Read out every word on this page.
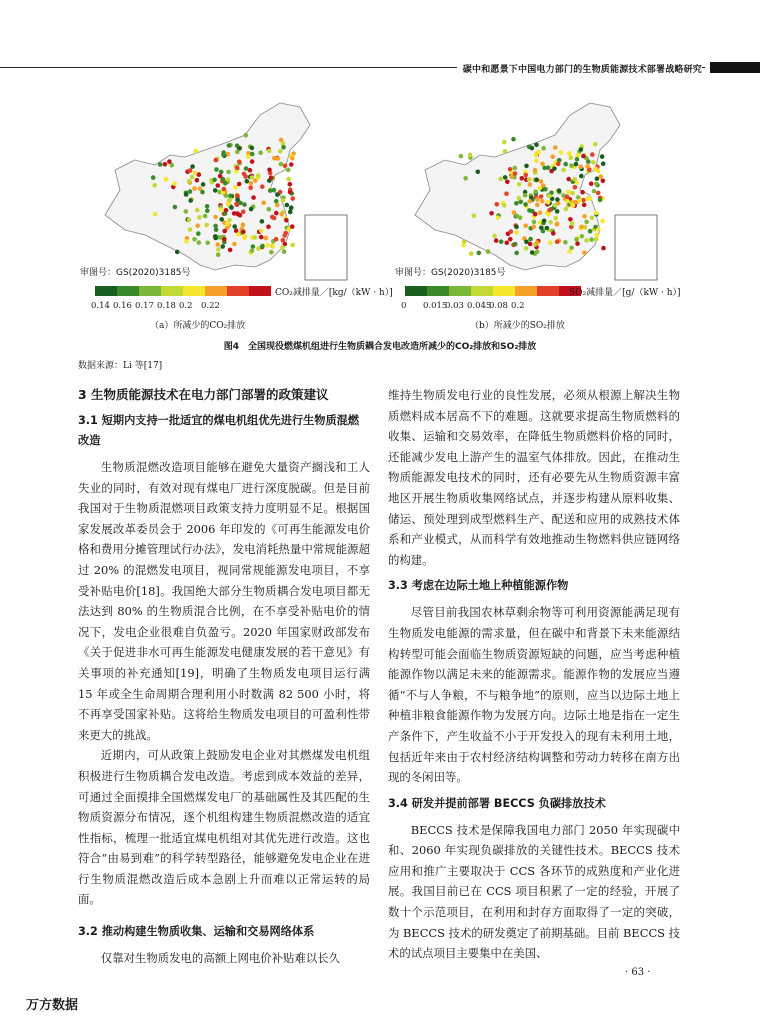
碳中和愿景下中国电力部门的生物质能源技术部署战略研究
审图号：GS(2020)3185号	审图号：GS(2020)3185号
CO₂减排量／[kg/（kW · h）]
0.14 0.16 0.17 0.18 0.2 0.22
SO₂减排量／[g/（kW · h）]
0 0.015
0.03 0.045
0.08 0.2
（a）所减少的CO₂排放	（b）所减少的SO₂排放
图4　全国现役燃煤机组进行生物质耦合发电改造所减少的CO₂排放和SO₂排放
数据来源：Li 等[17]
3 生物质能源技术在电力部门部署的政策建议
3.1 短期内支持一批适宜的煤电机组优先进行生物质混燃改造

生物质混燃改造项目能够在避免大量资产搁浅和工人失业的同时，有效对现有煤电厂进行深度脱碳。但是目前我国对于生物质混燃项目政策支持力度明显不足。根据国家发展改革委员会于 2006 年印发的《可再生能源发电价格和费用分摊管理试行办法》，发电消耗热量中常规能源超过 20% 的混燃发电项目，视同常规能源发电项目，不享受补贴电价[18]。我国绝大部分生物质耦合发电项目都无法达到 80% 的生物质混合比例，在不享受补贴电价的情况下，发电企业很难自负盈亏。2020 年国家财政部发布《关于促进非水可再生能源发电健康发展的若干意见》有关事项的补充通知[19]，明确了生物质发电项目运行满 15 年或全生命周期合理利用小时数满 82 500 小时，将不再享受国家补贴。这将给生物质发电项目的可盈利性带来更大的挑战。

近期内，可从政策上鼓励发电企业对其燃煤发电机组积极进行生物质耦合发电改造。考虑到成本效益的差异，可通过全面摸排全国燃煤发电厂的基础属性及其匹配的生物质资源分布情况，逐个机组构建生物质混燃改造的适宜性指标，梳理一批适宜煤电机组对其优先进行改造。这也符合“由易到难”的科学转型路径，能够避免发电企业在进行生物质混燃改造后成本急剧上升而难以正常运转的局面。

3.2 推动构建生物质收集、运输和交易网络体系

仅靠对生物质发电的高额上网电价补贴难以长久

维持生物质发电行业的良性发展，必须从根源上解决生物质燃料成本居高不下的难题。这就要求提高生物质燃料的收集、运输和交易效率，在降低生物质燃料价格的同时，还能减少发电上游产生的温室气体排放。因此，在推动生物质能源发电技术的同时，还有必要先从生物质资源丰富地区开展生物质收集网络试点，并逐步构建从原料收集、储运、预处理到成型燃料生产、配送和应用的成熟技术体系和产业模式，从而科学有效地推动生物燃料供应链网络的构建。

3.3 考虑在边际土地上种植能源作物

尽管目前我国农林草剩余物等可利用资源能满足现有生物质发电能源的需求量，但在碳中和背景下未来能源结构转型可能会面临生物质资源短缺的问题，应当考虑种植能源作物以满足未来的能源需求。能源作物的发展应当遵循“不与人争粮，不与粮争地”的原则，应当以边际土地上种植非粮食能源作物为发展方向。边际土地是指在一定生产条件下，产生收益不小于开发投入的现有未利用土地，包括近年来由于农村经济结构调整和劳动力转移在南方出现的冬闲田等。

3.4 研发并提前部署 BECCS 负碳排放技术

BECCS 技术是保障我国电力部门 2050 年实现碳中和、2060 年实现负碳排放的关键性技术。BECCS 技术应用和推广主要取决于 CCS 各环节的成熟度和产业化进展。我国目前已在 CCS 项目积累了一定的经验，开展了数十个示范项目，在利用和封存方面取得了一定的突破，为 BECCS 技术的研发奠定了前期基础。目前 BECCS 技术的试点项目主要集中在美国、

· 63 ·
万方数据
